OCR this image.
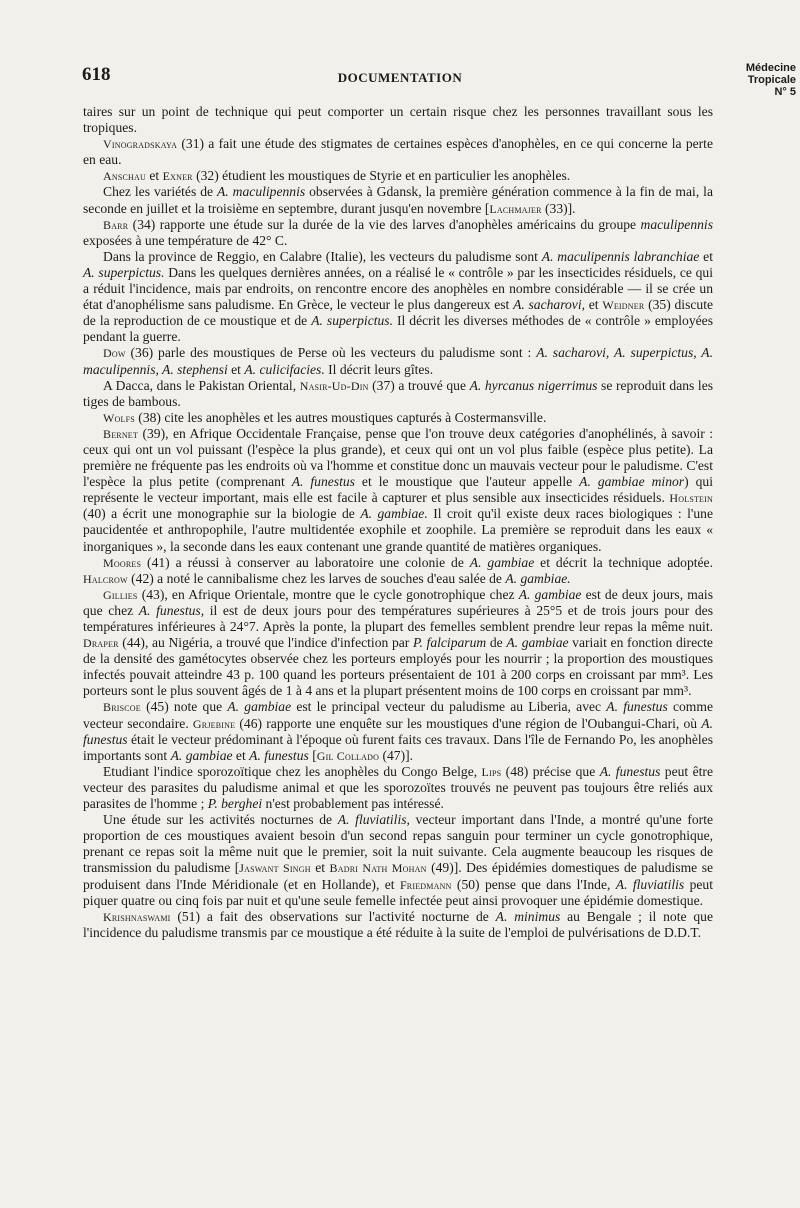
618	DOCUMENTATION
Médecine
Tropicale
N° 5

taires sur un point de technique qui peut comporter un certain risque chez les personnes travaillant sous les tropiques.

Vinogradskaya (31) a fait une étude des stigmates de certaines espèces d'anophèles, en ce qui concerne la perte en eau.

Anschau et Exner (32) étudient les moustiques de Styrie et en particulier les anophèles.

Chez les variétés de A. maculipennis observées à Gdansk, la première génération commence à la fin de mai, la seconde en juillet et la troisième en septembre, durant jusqu'en novembre [Lachmajer (33)].

Barr (34) rapporte une étude sur la durée de la vie des larves d'anophèles américains du groupe maculipennis exposées à une température de 42° C.

Dans la province de Reggio, en Calabre (Italie), les vecteurs du paludisme sont A. maculipennis labranchiae et A. superpictus. Dans les quelques dernières années, on a réalisé le « contrôle » par les insecticides résiduels, ce qui a réduit l'incidence, mais par endroits, on rencontre encore des anophèles en nombre considérable — il se crée un état d'anophélisme sans paludisme. En Grèce, le vecteur le plus dangereux est A. sacharovi, et Weidner (35) discute de la reproduction de ce moustique et de A. superpictus. Il décrit les diverses méthodes de « contrôle » employées pendant la guerre.

Dow (36) parle des moustiques de Perse où les vecteurs du paludisme sont : A. sacharovi, A. superpictus, A. maculipennis, A. stephensi et A. culicifacies. Il décrit leurs gîtes.

A Dacca, dans le Pakistan Oriental, Nasir-Ud-Din (37) a trouvé que A. hyrcanus nigerrimus se reproduit dans les tiges de bambous.

Wolfs (38) cite les anophèles et les autres moustiques capturés à Costermansville.

Bernet (39), en Afrique Occidentale Française, pense que l'on trouve deux catégories d'anophélinés, à savoir : ceux qui ont un vol puissant (l'espèce la plus grande), et ceux qui ont un vol plus faible (espèce plus petite). La première ne fréquente pas les endroits où va l'homme et constitue donc un mauvais vecteur pour le paludisme. C'est l'espèce la plus petite (comprenant A. funestus et le moustique que l'auteur appelle A. gambiae minor) qui représente le vecteur important, mais elle est facile à capturer et plus sensible aux insecticides résiduels. Holstein (40) a écrit une monographie sur la biologie de A. gambiae. Il croit qu'il existe deux races biologiques : l'une paucidentée et anthropophile, l'autre multidentée exophile et zoophile. La première se reproduit dans les eaux « inorganiques », la seconde dans les eaux contenant une grande quantité de matières organiques.

Moores (41) a réussi à conserver au laboratoire une colonie de A. gambiae et décrit la technique adoptée. Halcrow (42) a noté le cannibalisme chez les larves de souches d'eau salée de A. gambiae.

Gillies (43), en Afrique Orientale, montre que le cycle gonotrophique chez A. gambiae est de deux jours, mais que chez A. funestus, il est de deux jours pour des températures supérieures à 25°5 et de trois jours pour des températures inférieures à 24°7. Après la ponte, la plupart des femelles semblent prendre leur repas la même nuit. Draper (44), au Nigéria, a trouvé que l'indice d'infection par P. falciparum de A. gambiae variait en fonction directe de la densité des gamétocytes observée chez les porteurs employés pour les nourrir ; la proportion des moustiques infectés pouvait atteindre 43 p. 100 quand les porteurs présentaient de 101 à 200 corps en croissant par mm³. Les porteurs sont le plus souvent âgés de 1 à 4 ans et la plupart présentent moins de 100 corps en croissant par mm³.

Briscoe (45) note que A. gambiae est le principal vecteur du paludisme au Liberia, avec A. funestus comme vecteur secondaire. Grjebine (46) rapporte une enquête sur les moustiques d'une région de l'Oubangui-Chari, où A. funestus était le vecteur prédominant à l'époque où furent faits ces travaux. Dans l'île de Fernando Po, les anophèles importants sont A. gambiae et A. funestus [Gil Collado (47)].

Etudiant l'indice sporozoïtique chez les anophèles du Congo Belge, Lips (48) précise que A. funestus peut être vecteur des parasites du paludisme animal et que les sporozoïtes trouvés ne peuvent pas toujours être reliés aux parasites de l'homme ; P. berghei n'est probablement pas intéressé.

Une étude sur les activités nocturnes de A. fluviatilis, vecteur important dans l'Inde, a montré qu'une forte proportion de ces moustiques avaient besoin d'un second repas sanguin pour terminer un cycle gonotrophique, prenant ce repas soit la même nuit que le premier, soit la nuit suivante. Cela augmente beaucoup les risques de transmission du paludisme [Jaswant Singh et Badri Nath Mohan (49)]. Des épidémies domestiques de paludisme se produisent dans l'Inde Méridionale (et en Hollande), et Friedmann (50) pense que dans l'Inde, A. fluviatilis peut piquer quatre ou cinq fois par nuit et qu'une seule femelle infectée peut ainsi provoquer une épidémie domestique.

Krishnaswami (51) a fait des observations sur l'activité nocturne de A. minimus au Bengale ; il note que l'incidence du paludisme transmis par ce moustique a été réduite à la suite de l'emploi de pulvérisations de D.D.T.
